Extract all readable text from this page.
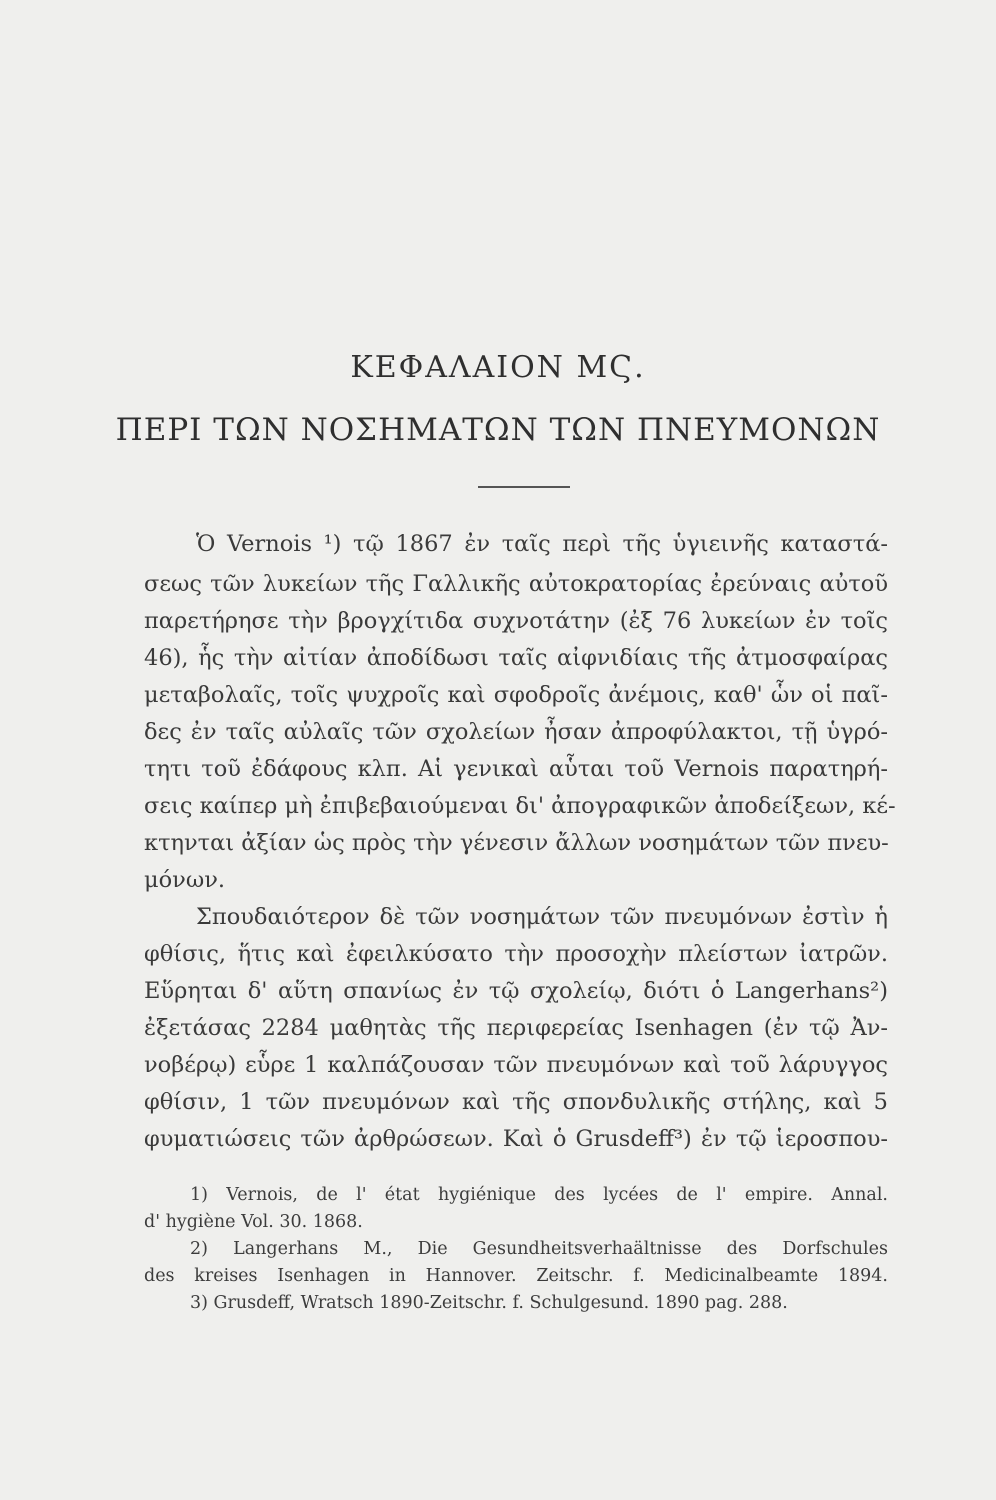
ΚΕΦΑΛΑΙΟΝ ΜϚ.
ΠΕΡΙ ΤΩΝ ΝΟΣΗΜΑΤΩΝ ΤΩΝ ΠΝΕΥΜΟΝΩΝ
Ὁ Vernois ¹) τῷ 1867 ἐν ταῖς περὶ τῆς ὑγιεινῆς καταστά-
σεως τῶν λυκείων τῆς Γαλλικῆς αὐτοκρατορίας ἐρεύναις αὐτοῦ
παρετήρησε τὴν βρογχίτιδα συχνοτάτην (ἐξ 76 λυκείων ἐν τοῖς
46), ἧς τὴν αἰτίαν ἀποδίδωσι ταῖς αἰφνιδίαις τῆς ἀτμοσφαίρας
μεταβολαῖς, τοῖς ψυχροῖς καὶ σφοδροῖς ἀνέμοις, καθ' ὧν οἱ παῖ-
δες ἐν ταῖς αὐλαῖς τῶν σχολείων ἦσαν ἀπροφύλακτοι, τῇ ὑγρό-
τητι τοῦ ἐδάφους κλπ. Αἱ γενικαὶ αὗται τοῦ Vernois παρατηρή-
σεις καίπερ μὴ ἐπιβεβαιούμεναι δι' ἀπογραφικῶν ἀποδείξεων, κέ-
κτηνται ἀξίαν ὡς πρὸς τὴν γένεσιν ἄλλων νοσημάτων τῶν πνευ-
μόνων.
Σπουδαιότερον δὲ τῶν νοσημάτων τῶν πνευμόνων ἐστὶν ἡ
φθίσις, ἥτις καὶ ἐφειλκύσατο τὴν προσοχὴν πλείστων ἰατρῶν.
Εὕρηται δ' αὕτη σπανίως ἐν τῷ σχολείῳ, διότι ὁ Langerhans²)
ἐξετάσας 2284 μαθητὰς τῆς περιφερείας Isenhagen (ἐν τῷ Ἀν-
νοβέρῳ) εὗρε 1 καλπάζουσαν τῶν πνευμόνων καὶ τοῦ λάρυγγος
φθίσιν, 1 τῶν πνευμόνων καὶ τῆς σπονδυλικῆς στήλης, καὶ 5
φυματιώσεις τῶν ἀρθρώσεων. Καὶ ὁ Grusdeff³) ἐν τῷ ἱεροσπου-
1) Vernois, de l' état hygiénique des lycées de l' empire. Annal.
d' hygiène Vol. 30. 1868.
2) Langerhans M., Die Gesundheitsverhaältnisse des Dorfschules
des kreises Isenhagen in Hannover. Zeitschr. f. Medicinalbeamte 1894.
3) Grusdeff, Wratsch 1890-Zeitschr. f. Schulgesund. 1890 pag. 288.
